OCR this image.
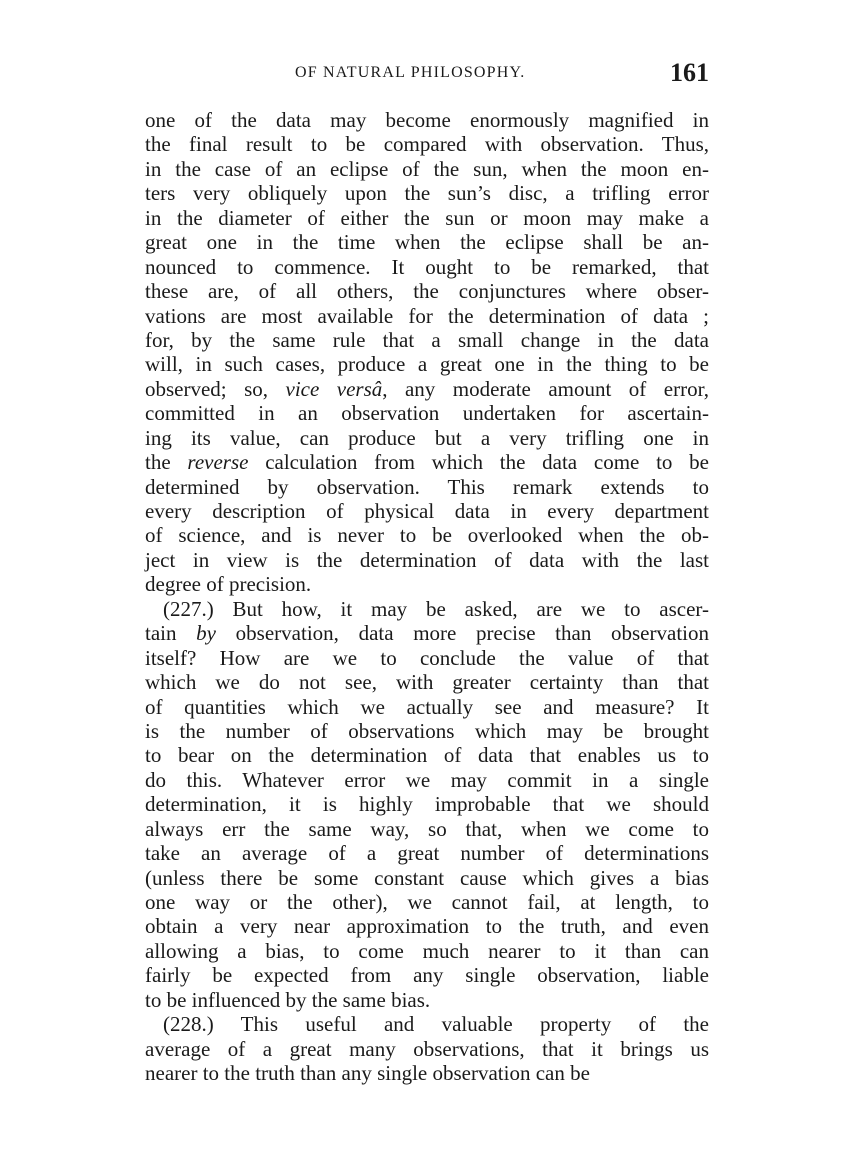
OF NATURAL PHILOSOPHY.	161
one of the data may become enormously magnified in
the final result to be compared with observation. Thus,
in the case of an eclipse of the sun, when the moon en-
ters very obliquely upon the sun’s disc, a trifling error
in the diameter of either the sun or moon may make a
great one in the time when the eclipse shall be an-
nounced to commence. It ought to be remarked, that
these are, of all others, the conjunctures where obser-
vations are most available for the determination of data ;
for, by the same rule that a small change in the data
will, in such cases, produce a great one in the thing to be
observed; so, vice versâ, any moderate amount of error,
committed in an observation undertaken for ascertain-
ing its value, can produce but a very trifling one in
the reverse calculation from which the data come to be
determined by observation. This remark extends to
every description of physical data in every department
of science, and is never to be overlooked when the ob-
ject in view is the determination of data with the last
degree of precision.
(227.) But how, it may be asked, are we to ascer-
tain by observation, data more precise than observation
itself? How are we to conclude the value of that
which we do not see, with greater certainty than that
of quantities which we actually see and measure? It
is the number of observations which may be brought
to bear on the determination of data that enables us to
do this. Whatever error we may commit in a single
determination, it is highly improbable that we should
always err the same way, so that, when we come to
take an average of a great number of determinations
(unless there be some constant cause which gives a bias
one way or the other), we cannot fail, at length, to
obtain a very near approximation to the truth, and even
allowing a bias, to come much nearer to it than can
fairly be expected from any single observation, liable
to be influenced by the same bias.
(228.) This useful and valuable property of the
average of a great many observations, that it brings us
nearer to the truth than any single observation can be
